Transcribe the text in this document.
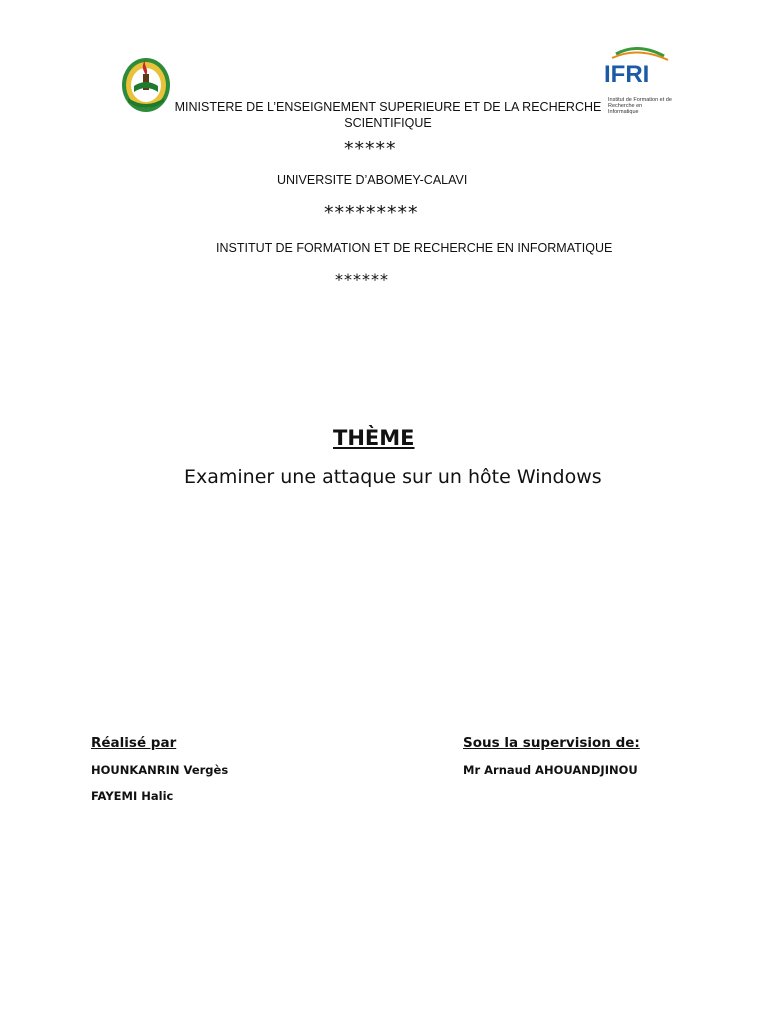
IFRI
Institut de Formation et de
Recherche en Informatique
MINISTERE DE L’ENSEIGNEMENT SUPERIEURE ET DE LA RECHERCHE
SCIENTIFIQUE
*****
UNIVERSITE D’ABOMEY-CALAVI
*********
INSTITUT DE FORMATION ET DE RECHERCHE EN INFORMATIQUE
******
THÈME
Examiner une attaque sur un hôte Windows
Réalisé par
HOUNKANRIN Vergès
FAYEMI Halic
Sous la supervision de:
Mr Arnaud AHOUANDJINOU
